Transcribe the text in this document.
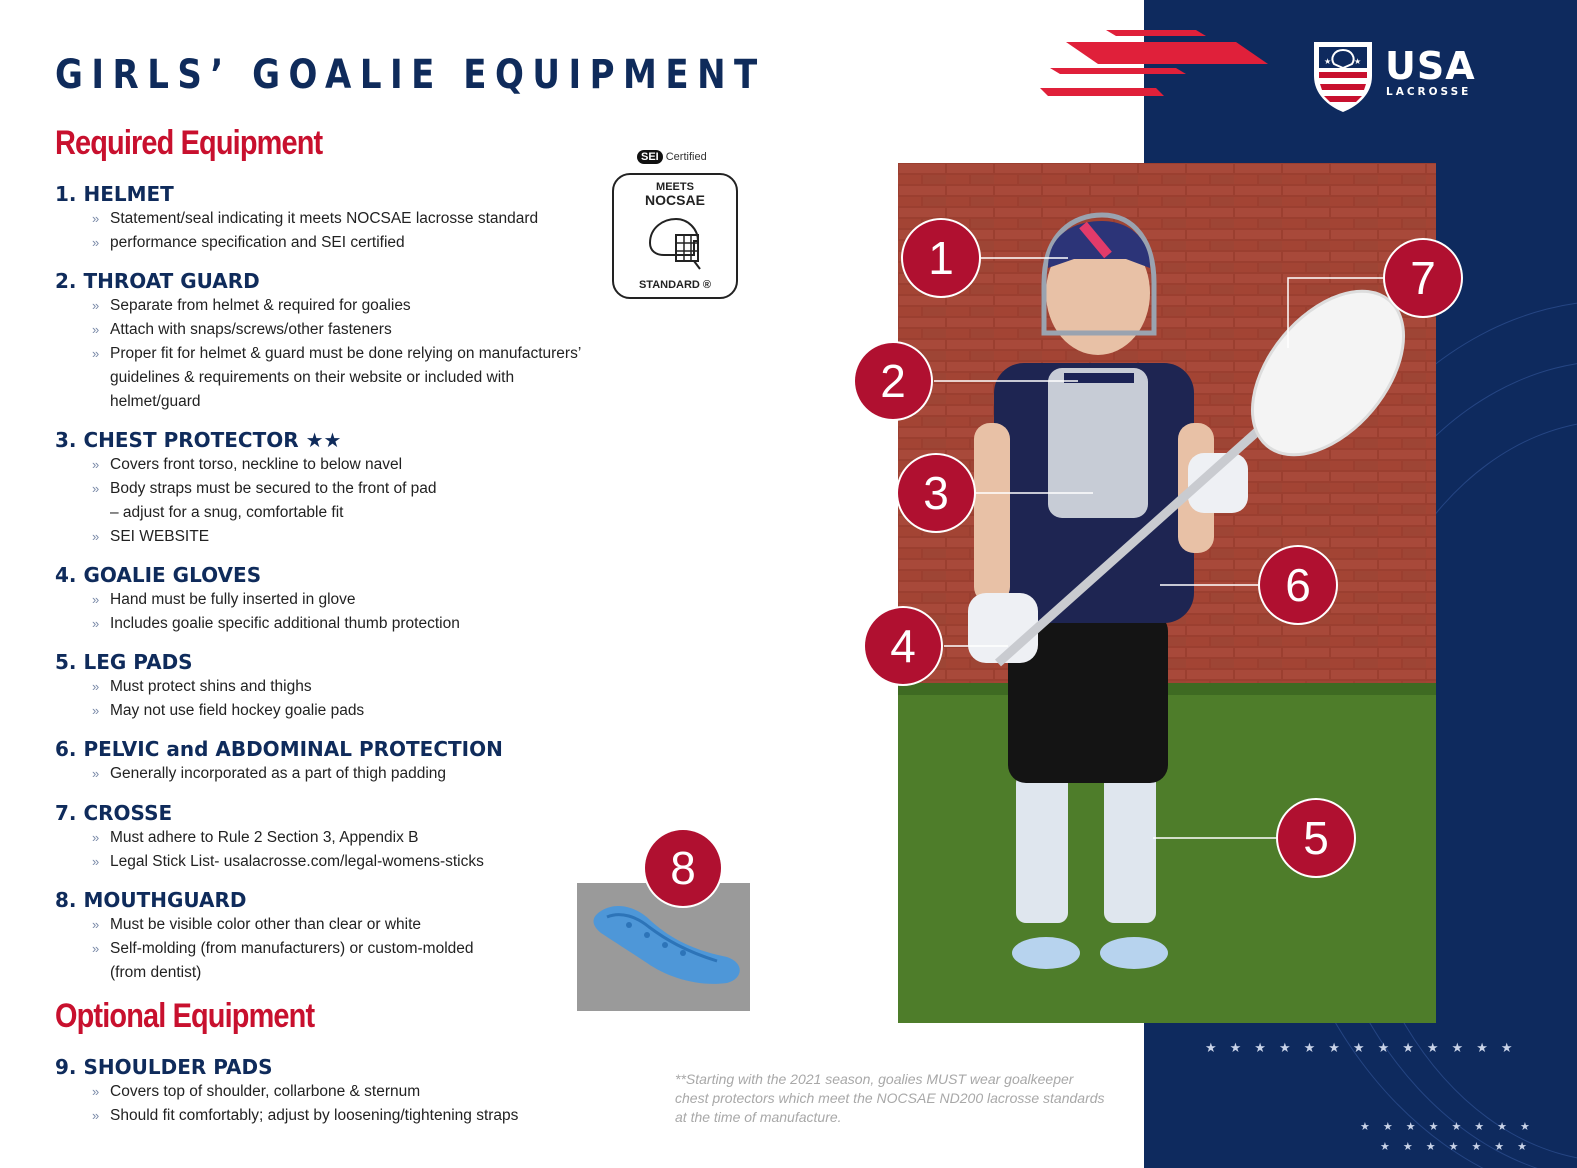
★	★ USA
LACROSSE
GIRLS’ GOALIE EQUIPMENT
Required Equipment
1. HELMET
» Statement/seal indicating it meets NOCSAE lacrosse standard
» performance specification and SEI certified
2. THROAT GUARD
» Separate from helmet & required for goalies
» Attach with snaps/screws/other fasteners
» Proper fit for helmet & guard must be done relying on manufacturers’
guidelines & requirements on their website or included with
helmet/guard
3. CHEST PROTECTOR ★★
» Covers front torso, neckline to below navel
» Body straps must be secured to the front of pad
– adjust for a snug, comfortable fit
» SEI WEBSITE
4. GOALIE GLOVES
» Hand must be fully inserted in glove
» Includes goalie specific additional thumb protection
5. LEG PADS
» Must protect shins and thighs
» May not use field hockey goalie pads
6. PELVIC and ABDOMINAL PROTECTION
» Generally incorporated as a part of thigh padding
7. CROSSE
» Must adhere to Rule 2 Section 3, Appendix B
» Legal Stick List- usalacrosse.com/legal-womens-sticks
8. MOUTHGUARD
» Must be visible color other than clear or white
» Self-molding (from manufacturers) or custom-molded
(from dentist)
Optional Equipment
9. SHOULDER PADS
» Covers top of shoulder, collarbone & sternum
» Should fit comfortably; adjust by loosening/tightening straps
SEI Certified
MEETS
NOCSAE
STANDARD ®
1
2
3
4
5
6
7
8
**Starting with the 2021 season, goalies MUST wear goalkeeper chest protectors which meet the NOCSAE ND200 lacrosse standards at the time of manufacture.
★★★★★★★★★★★★★
★★★★★★★★
★★★★★★★
